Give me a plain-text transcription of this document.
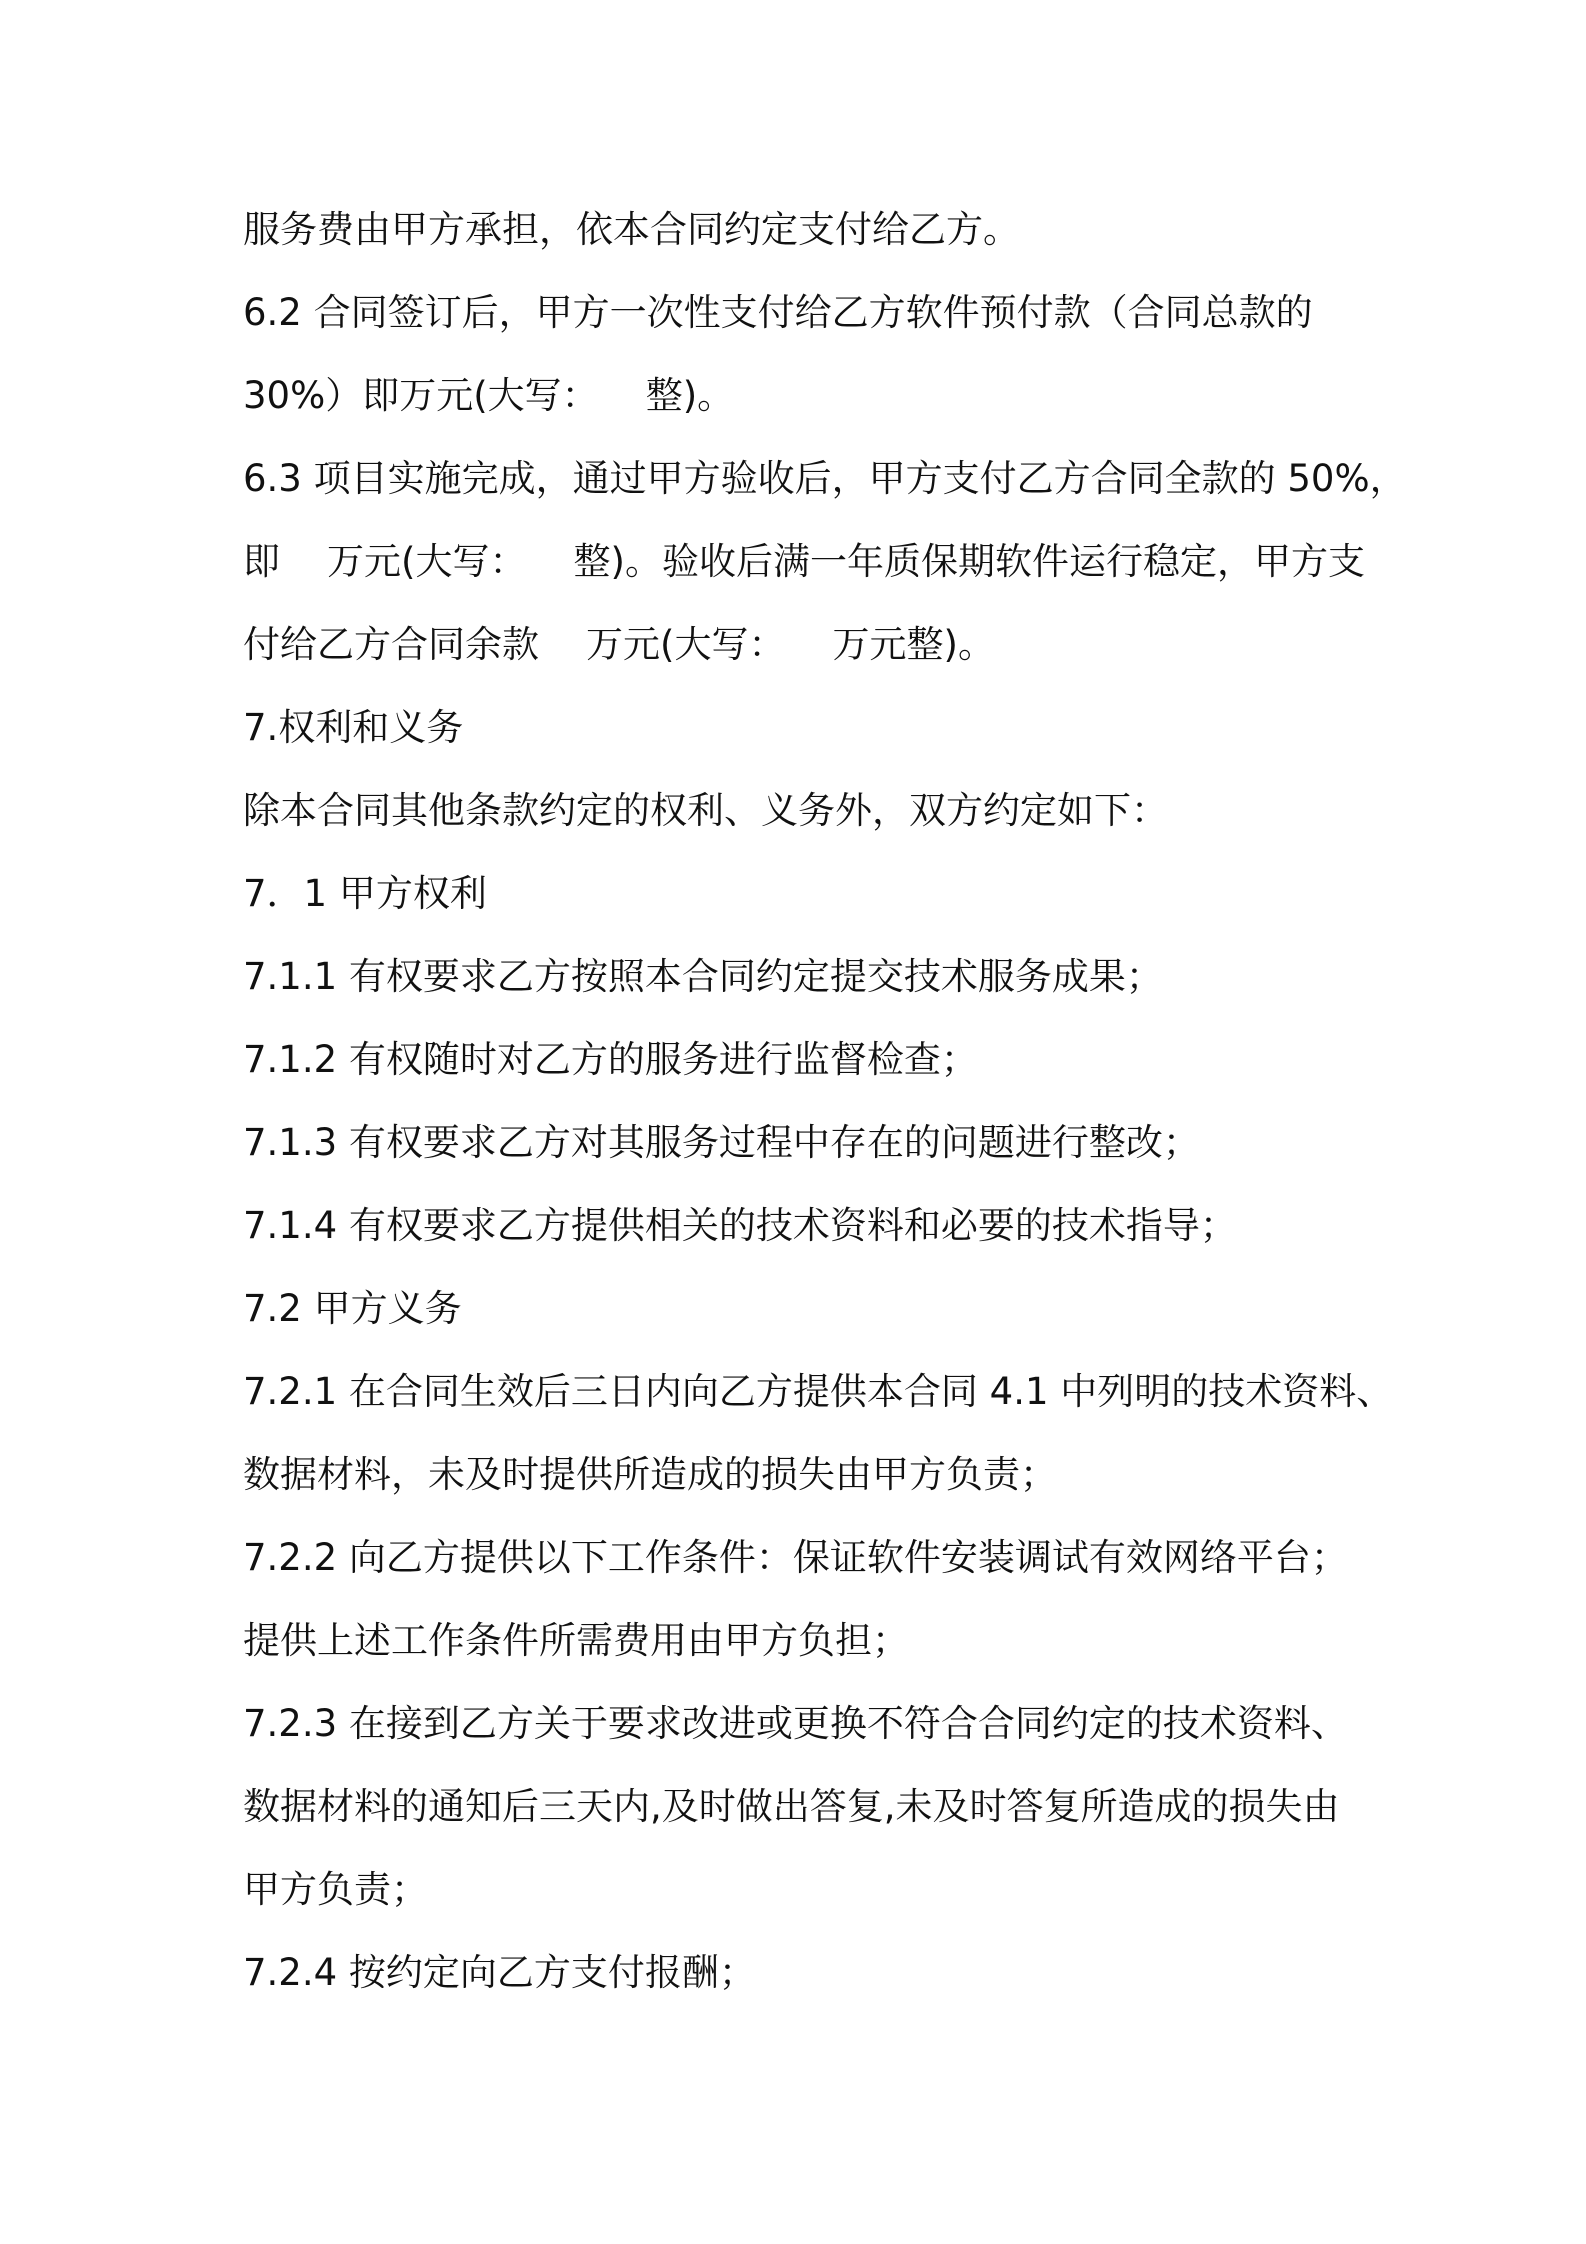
服务费由甲方承担，依本合同约定支付给乙方。

6.2 合同签订后，甲方一次性支付给乙方软件预付款（合同总款的

30%）即万元(大写：    整)。

6.3 项目实施完成，通过甲方验收后，甲方支付乙方合同全款的 50%，

即    万元(大写：    整)。验收后满一年质保期软件运行稳定，甲方支

付给乙方合同余款    万元(大写：    万元整)。

7.权利和义务

除本合同其他条款约定的权利、义务外，双方约定如下：

7．1 甲方权利

7.1.1 有权要求乙方按照本合同约定提交技术服务成果；

7.1.2 有权随时对乙方的服务进行监督检查；

7.1.3 有权要求乙方对其服务过程中存在的问题进行整改；

7.1.4 有权要求乙方提供相关的技术资料和必要的技术指导；

7.2 甲方义务

7.2.1 在合同生效后三日内向乙方提供本合同 4.1 中列明的技术资料、

数据材料，未及时提供所造成的损失由甲方负责；

7.2.2 向乙方提供以下工作条件：保证软件安装调试有效网络平台；

提供上述工作条件所需费用由甲方负担；

7.2.3 在接到乙方关于要求改进或更换不符合合同约定的技术资料、

数据材料的通知后三天内,及时做出答复,未及时答复所造成的损失由

甲方负责；

7.2.4 按约定向乙方支付报酬；
